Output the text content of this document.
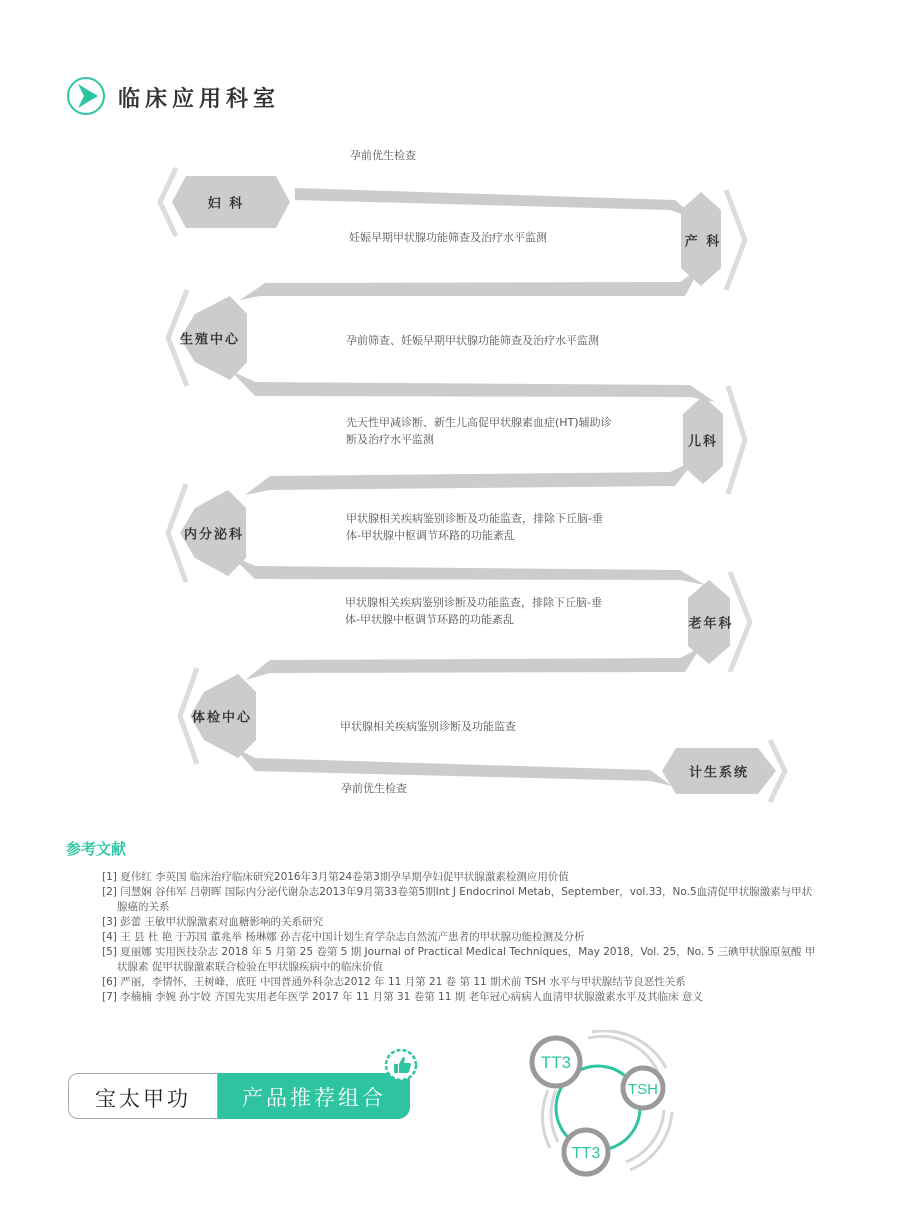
临床应用科室
妇 科
产 科
生殖中心
儿科
内分泌科
老年科
体检中心
计生系统
孕前优生检查
妊娠早期甲状腺功能筛查及治疗水平监测
孕前筛查、妊娠早期甲状腺功能筛查及治疗水平监测
先天性甲减诊断、新生儿高促甲状腺素血症(HT)辅助诊
断及治疗水平监测
甲状腺相关疾病鉴别诊断及功能监查，排除下丘脑-垂
体-甲状腺中枢调节环路的功能紊乱
甲状腺相关疾病鉴别诊断及功能监查，排除下丘脑-垂
体-甲状腺中枢调节环路的功能紊乱
甲状腺相关疾病鉴别诊断及功能监查
孕前优生检查
参考文献
[1] 夏伟红 李英国 临床治疗临床研究2016年3月第24卷第3期孕早期孕妇促甲状腺激素检测应用价值
[2] 闫慧娴 谷伟军 吕朝晖 国际内分泌代谢杂志2013年9月第33卷第5期Int J Endocrinol Metab，September，vol.33，No.5血清促甲状腺激素与甲状腺癌的关系
[3] 彭蕾 王敏甲状腺激素对血糖影响的关系研究
[4] 王 县 杜 艳 于苏国 董兆举 杨琳娜 孙吉花中国计划生育学杂志自然流产患者的甲状腺功能检测及分析
[5] 夏丽娜 实用医技杂志 2018 年 5 月第 25 卷第 5 期 Journal of Practical Medical Techniques，May 2018，Vol. 25，No. 5 三碘甲状腺原氨酸 甲状腺素 促甲状腺激素联合检验在甲状腺疾病中的临床价值
[6] 严丽，李情怀，王树峰，底旺 中国普通外科杂志2012 年 11 月第 21 卷 第 11 期术前 TSH 水平与甲状腺结节良恶性关系
[7] 李楠楠 李婉 孙宇姣 齐国先实用老年医学 2017 年 11 月第 31 卷第 11 期 老年冠心病病人血清甲状腺激素水平及其临床 意义
宝太甲功	产品推荐组合
TT3
TSH
TT3
